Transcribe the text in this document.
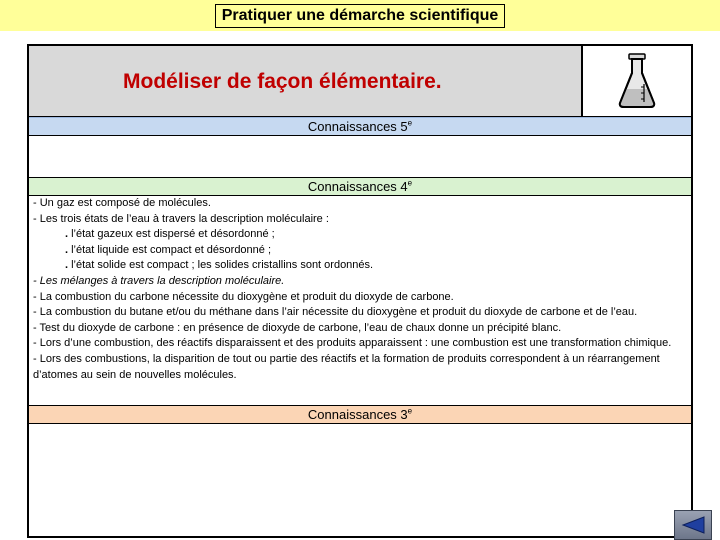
Pratiquer une démarche scientifique
Modéliser de façon élémentaire.
Connaissances 5e
Connaissances 4e
- Un gaz est composé de molécules.
- Les trois états de l’eau à travers la description moléculaire :
. l’état gazeux est dispersé et désordonné ;
. l’état liquide est compact et désordonné ;
. l’état solide est compact ; les solides cristallins sont ordonnés.
- Les mélanges à travers la description moléculaire.
- La combustion du carbone nécessite du dioxygène et produit du dioxyde de carbone.
- La combustion du butane et/ou du méthane dans l’air nécessite du dioxygène et produit du dioxyde de carbone et de l’eau.
- Test du dioxyde de carbone : en présence de dioxyde de carbone, l’eau de chaux donne un précipité blanc.
- Lors d’une combustion, des réactifs disparaissent et des produits apparaissent : une combustion est une transformation chimique.
- Lors des combustions, la disparition de tout ou partie des réactifs et la formation de produits correspondent à un réarrangement d’atomes au sein de nouvelles molécules.
Connaissances 3e
